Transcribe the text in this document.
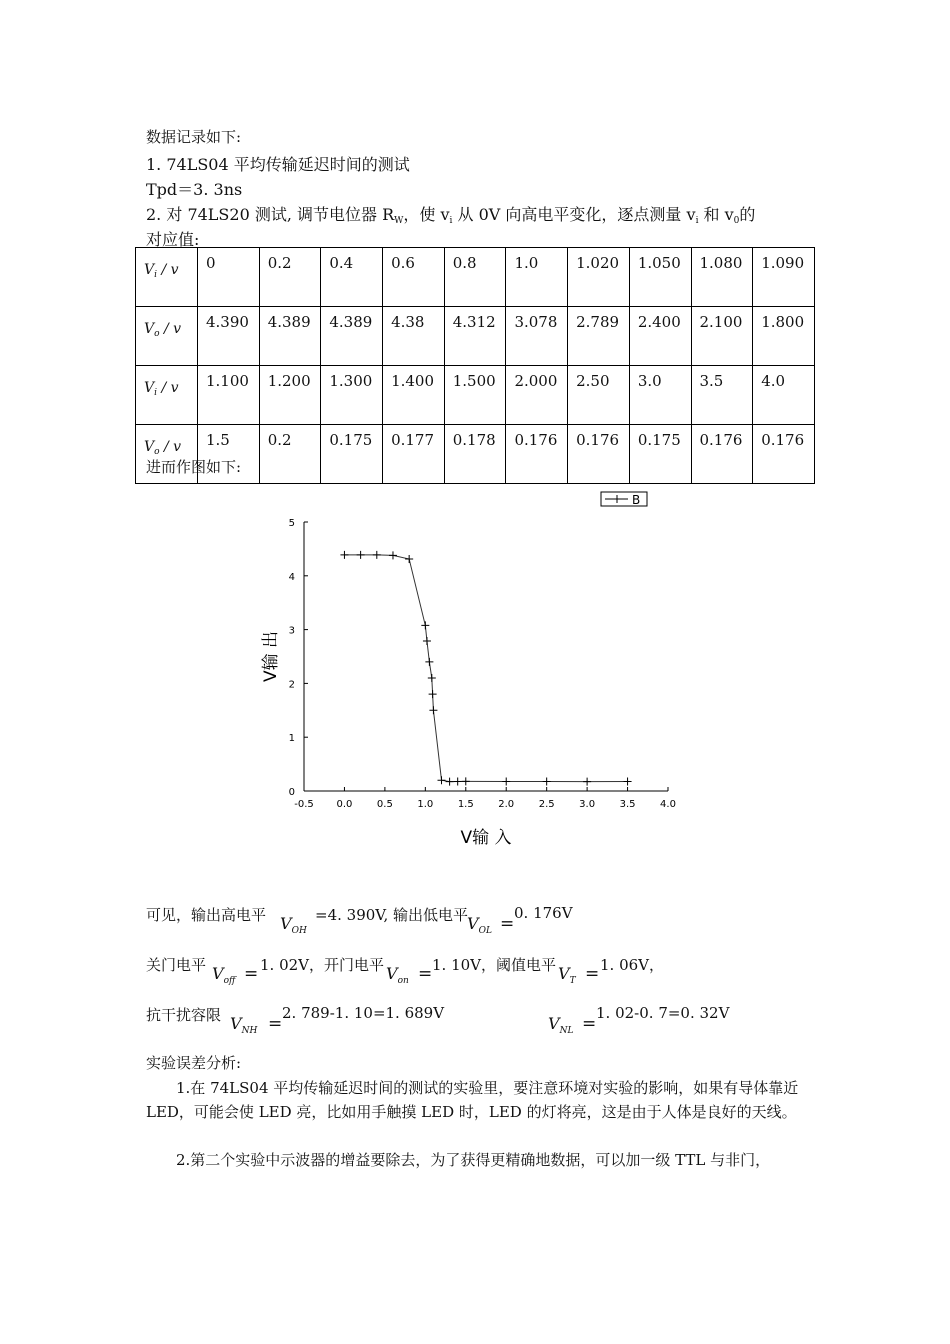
数据记录如下:
1. 74LS04 平均传输延迟时间的测试
Tpd＝3. 3ns
2. 对 74LS20 测试, 调节电位器 RW，使 vi 从 0V 向高电平变化，逐点测量 vi 和 v0的
对应值:
$V_i$ / v	0	0.2	0.4	0.6	0.8	1.0	1.020	1.050	1.080	1.090
$V_o$ / v	4.390	4.389	4.389	4.38	4.312	3.078	2.789	2.400	2.100	1.800
$V_i$ / v	1.100	1.200	1.300	1.400	1.500	2.000	2.50	3.0	3.5	4.0
$V_o$ / v	1.5	0.2	0.175	0.177	0.178	0.176	0.176	0.175	0.176	0.176
进而作图如下:
-0.5 0.0 0.5 1.0 1.5 2.0 2.5 3.0 3.5 4.0
0
1
2
3
4
5
V输 入
V输 出
B
可见，输出高电平 $V_{OH}$
=4. 390V, 输出低电平
$V_{OL}$ =
0. 176V
关门电平 $V_{off} = 1$. 02V，开门电平 $V_{on} = 1$. 10V，阈值电平 $V_T = 1$. 06V，
抗干扰容限 $V_{NH}$ =
2. 789-1. 10=1. 689V
$V_{NL}$ =
1. 02-0. 7=0. 32V
实验误差分析:
1.在 74LS04 平均传输延迟时间的测试的实验里，要注意环境对实验的影响，如果有导体靠近 LED，可能会使 LED 亮，比如用手触摸 LED 时，LED 的灯将亮，这是由于人体是良好的天线。
2.第二个实验中示波器的增益要除去，为了获得更精确地数据，可以加一级 TTL 与非门，
